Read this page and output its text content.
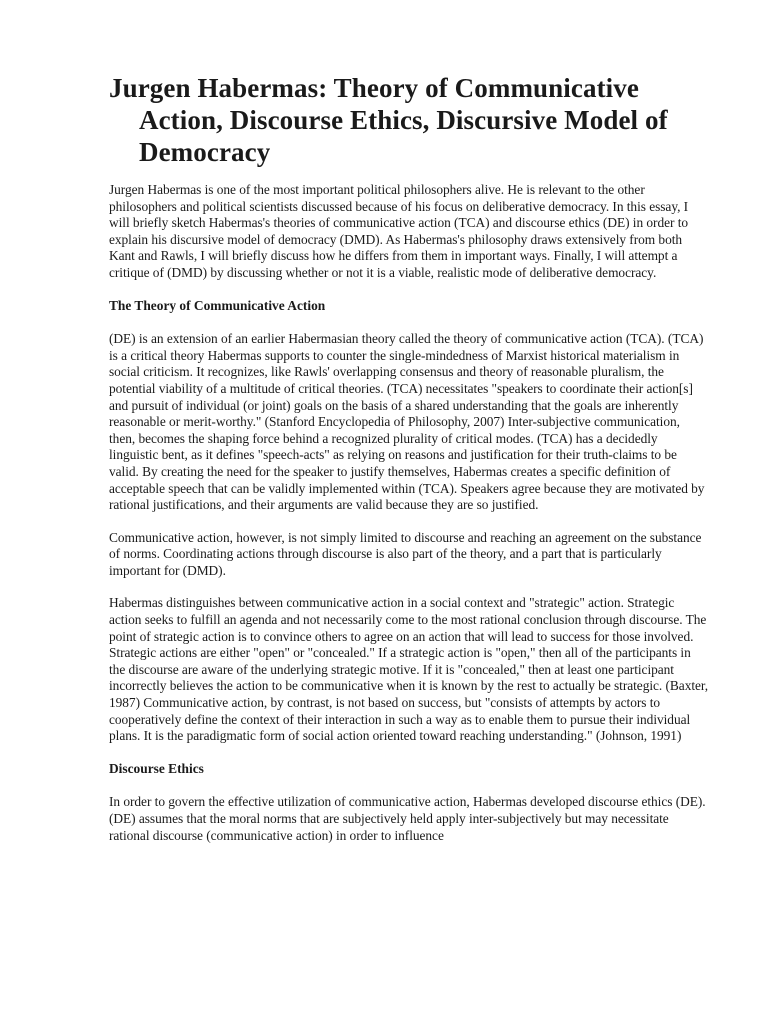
Jurgen Habermas: Theory of Communicative Action, Discourse Ethics, Discursive Model of Democracy

Jurgen Habermas is one of the most important political philosophers alive. He is relevant to the other philosophers and political scientists discussed because of his focus on deliberative democracy. In this essay, I will briefly sketch Habermas's theories of communicative action (TCA) and discourse ethics (DE) in order to explain his discursive model of democracy (DMD). As Habermas's philosophy draws extensively from both Kant and Rawls, I will briefly discuss how he differs from them in important ways. Finally, I will attempt a critique of (DMD) by discussing whether or not it is a viable, realistic mode of deliberative democracy.

The Theory of Communicative Action

(DE) is an extension of an earlier Habermasian theory called the theory of communicative action (TCA). (TCA) is a critical theory Habermas supports to counter the single-mindedness of Marxist historical materialism in social criticism. It recognizes, like Rawls' overlapping consensus and theory of reasonable pluralism, the potential viability of a multitude of critical theories. (TCA) necessitates "speakers to coordinate their action[s] and pursuit of individual (or joint) goals on the basis of a shared understanding that the goals are inherently reasonable or merit-worthy." (Stanford Encyclopedia of Philosophy, 2007) Inter-subjective communication, then, becomes the shaping force behind a recognized plurality of critical modes. (TCA) has a decidedly linguistic bent, as it defines "speech-acts" as relying on reasons and justification for their truth-claims to be valid. By creating the need for the speaker to justify themselves, Habermas creates a specific definition of acceptable speech that can be validly implemented within (TCA). Speakers agree because they are motivated by rational justifications, and their arguments are valid because they are so justified.

Communicative action, however, is not simply limited to discourse and reaching an agreement on the substance of norms. Coordinating actions through discourse is also part of the theory, and a part that is particularly important for (DMD).

Habermas distinguishes between communicative action in a social context and "strategic" action. Strategic action seeks to fulfill an agenda and not necessarily come to the most rational conclusion through discourse. The point of strategic action is to convince others to agree on an action that will lead to success for those involved. Strategic actions are either "open" or "concealed." If a strategic action is "open," then all of the participants in the discourse are aware of the underlying strategic motive. If it is "concealed," then at least one participant incorrectly believes the action to be communicative when it is known by the rest to actually be strategic. (Baxter, 1987) Communicative action, by contrast, is not based on success, but "consists of attempts by actors to cooperatively define the context of their interaction in such a way as to enable them to pursue their individual plans. It is the paradigmatic form of social action oriented toward reaching understanding." (Johnson, 1991)

Discourse Ethics

In order to govern the effective utilization of communicative action, Habermas developed discourse ethics (DE). (DE) assumes that the moral norms that are subjectively held apply inter-subjectively but may necessitate rational discourse (communicative action) in order to influence
